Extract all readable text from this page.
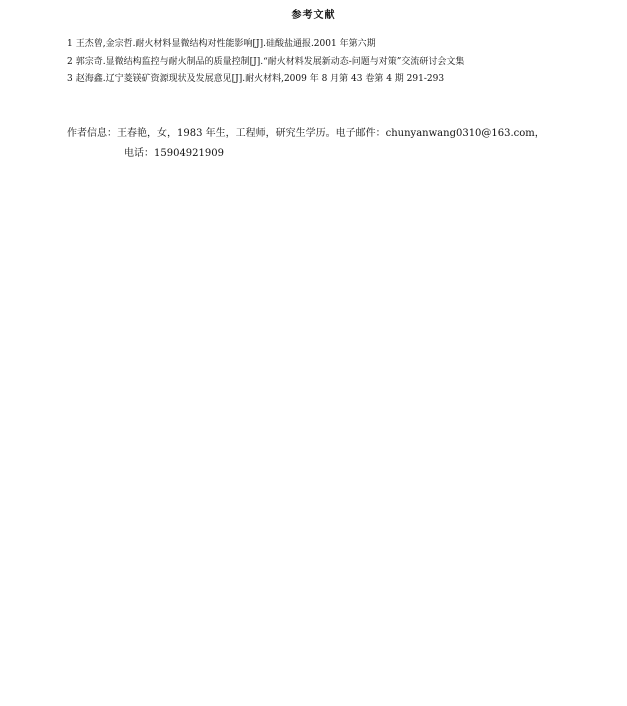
参考文献
1 王杰曾,金宗哲.耐火材料显微结构对性能影响[J].硅酸盐通报.2001 年第六期
2 郭宗奇.显微结构监控与耐火制品的质量控制[J].“耐火材料发展新动态-问题与对策”交流研讨会文集
3 赵海鑫.辽宁菱镁矿资源现状及发展意见[J].耐火材料,2009 年 8 月第 43 卷第 4 期 291-293
作者信息：王春艳，女，1983 年生，工程师，研究生学历。电子邮件：chunyanwang0310@163.com，
电话：15904921909
